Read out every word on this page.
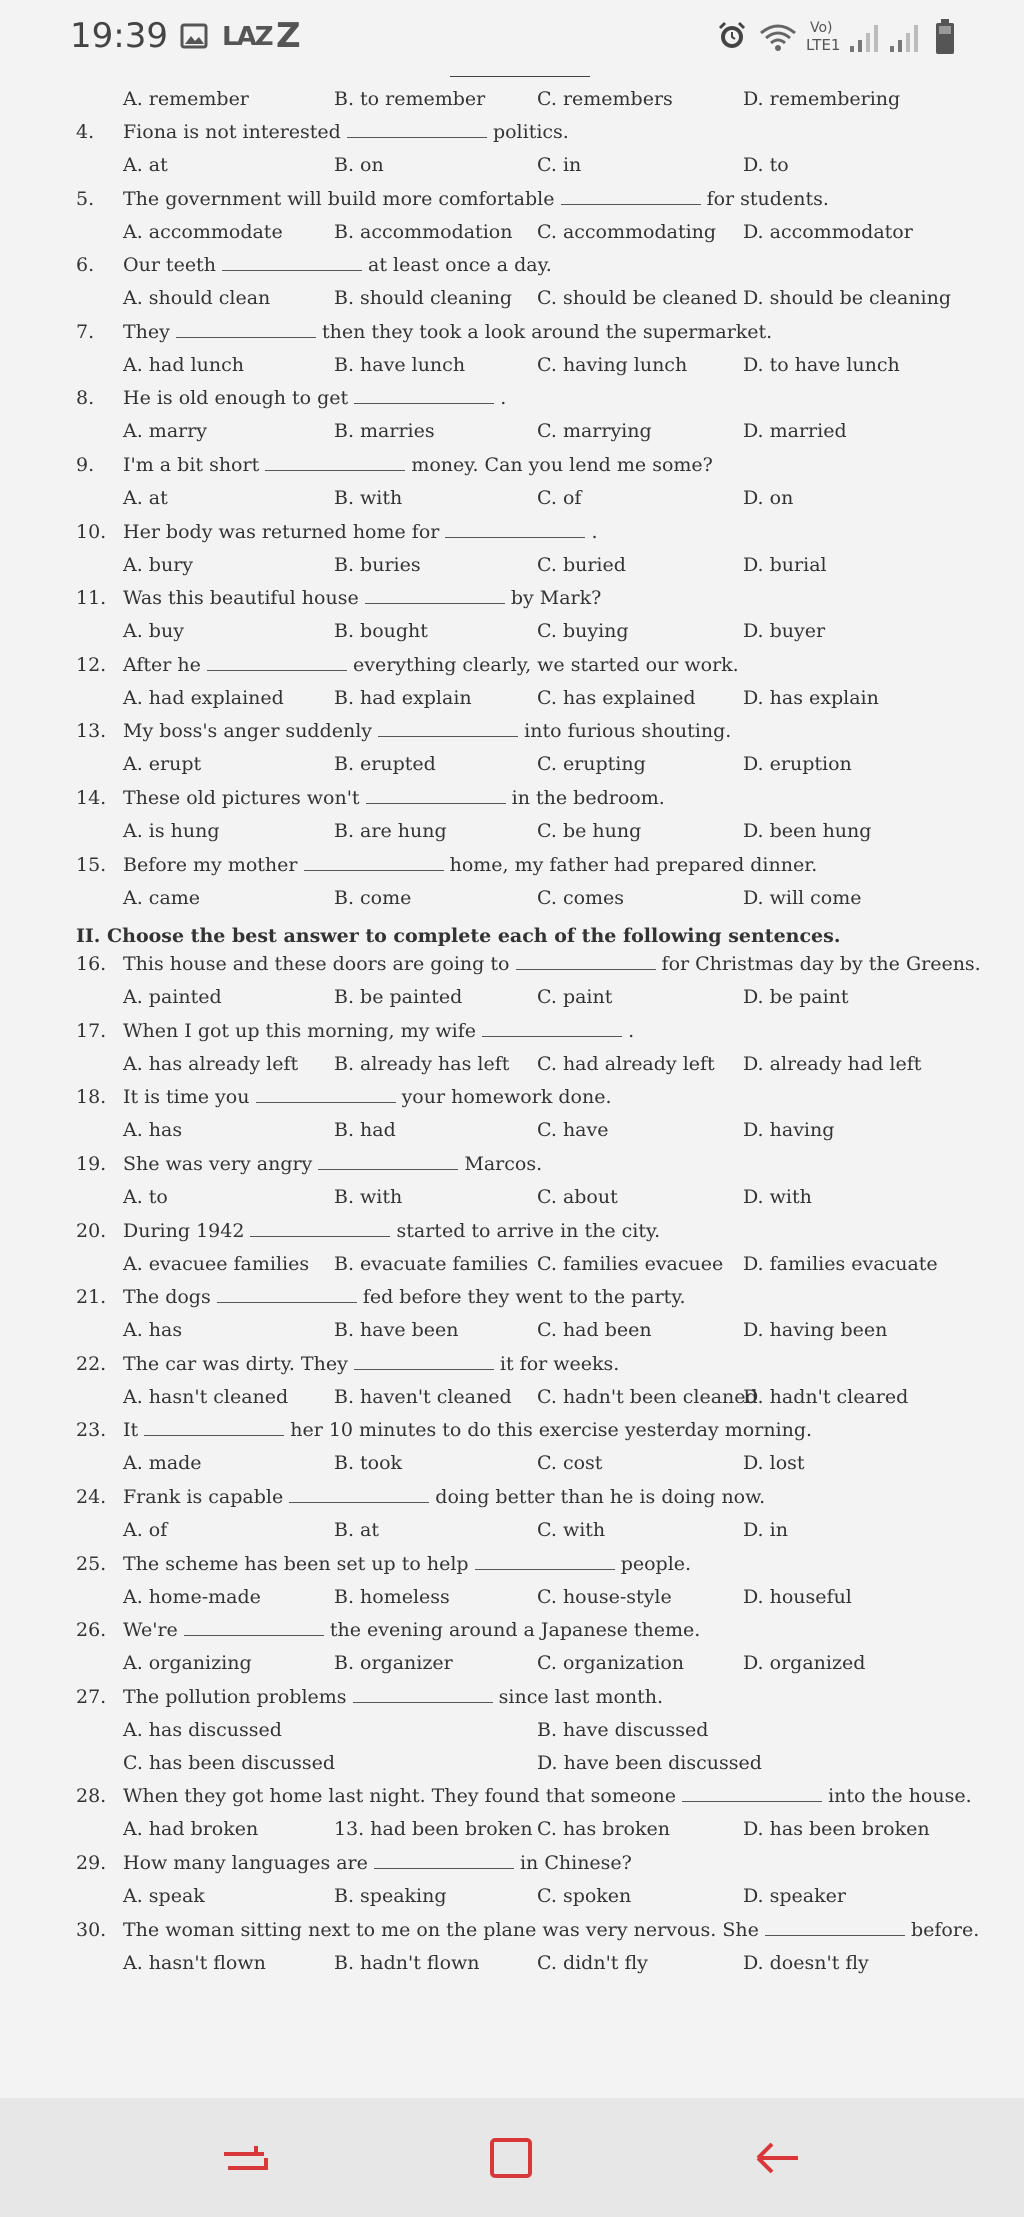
19:39 LAZ Z	Vo)
LTE1
A. remember	B. to remember	C. remembers	D. remembering
4. Fiona is not interested	politics.
A. at	B. on	C. in	D. to
5. The government will build more comfortable	for students.
A. accommodate	B. accommodation C. accommodating D. accommodator
6. Our teeth	at least once a day.
A. should clean	B. should cleaning C. should be cleaned D. should be cleaning
7. They	then they took a look around the supermarket.
A. had lunch	B. have lunch	C. having lunch	D. to have lunch
8. He is old enough to get	.
A. marry	B. marries	C. marrying	D. married
9. I'm a bit short	money. Can you lend me some?
A. at	B. with	C. of	D. on
10. Her body was returned home for	.
A. bury	B. buries	C. buried	D. burial
11. Was this beautiful house	by Mark?
A. buy	B. bought	C. buying	D. buyer
12. After he	everything clearly, we started our work.
A. had explained	B. had explain	C. has explained D. has explain
13. My boss's anger suddenly	into furious shouting.
A. erupt	B. erupted	C. erupting	D. eruption
14. These old pictures won't	in the bedroom.
A. is hung	B. are hung	C. be hung	D. been hung
15. Before my mother	home, my father had prepared dinner.
A. came	B. come	C. comes	D. will come
16. This house and these doors are going to	for Christmas day by the Greens.
A. painted	B. be painted	C. paint	D. be paint
17. When I got up this morning, my wife	.
A. has already left B. already has left C. had already left D. already had left
18. It is time you	your homework done.
A. has	B. had	C. have	D. having
19. She was very angry	Marcos.
A. to	B. with	C. about	D. with
20. During 1942	started to arrive in the city.
A. evacuee families B. evacuate families C. families evacuee D. families evacuate
21. The dogs	fed before they went to the party.
A. has	B. have been	C. had been	D. having been
22. The car was dirty. They	it for weeks.
A. hasn't cleaned B. haven't cleaned C. hadn't been cleaned
D. hadn't cleared
23. It	her 10 minutes to do this exercise yesterday morning.
A. made	B. took	C. cost	D. lost
24. Frank is capable	doing better than he is doing now.
A. of	B. at	C. with	D. in
25. The scheme has been set up to help	people.
A. home-made	B. homeless	C. house-style	D. houseful
26. We're	the evening around a Japanese theme.
A. organizing	B. organizer	C. organization	D. organized
27. The pollution problems	since last month.
A. has discussed	B. have discussed
C. has been discussed	D. have been discussed
28. When they got home last night. They found that someone	into the house.
A. had broken	13. had been broken C. has broken	D. has been broken
29. How many languages are	in Chinese?
A. speak	B. speaking	C. spoken	D. speaker
30. The woman sitting next to me on the plane was very nervous. She	before.
A. hasn't flown	B. hadn't flown	C. didn't fly	D. doesn't fly
II. Choose the best answer to complete each of the following sentences.
